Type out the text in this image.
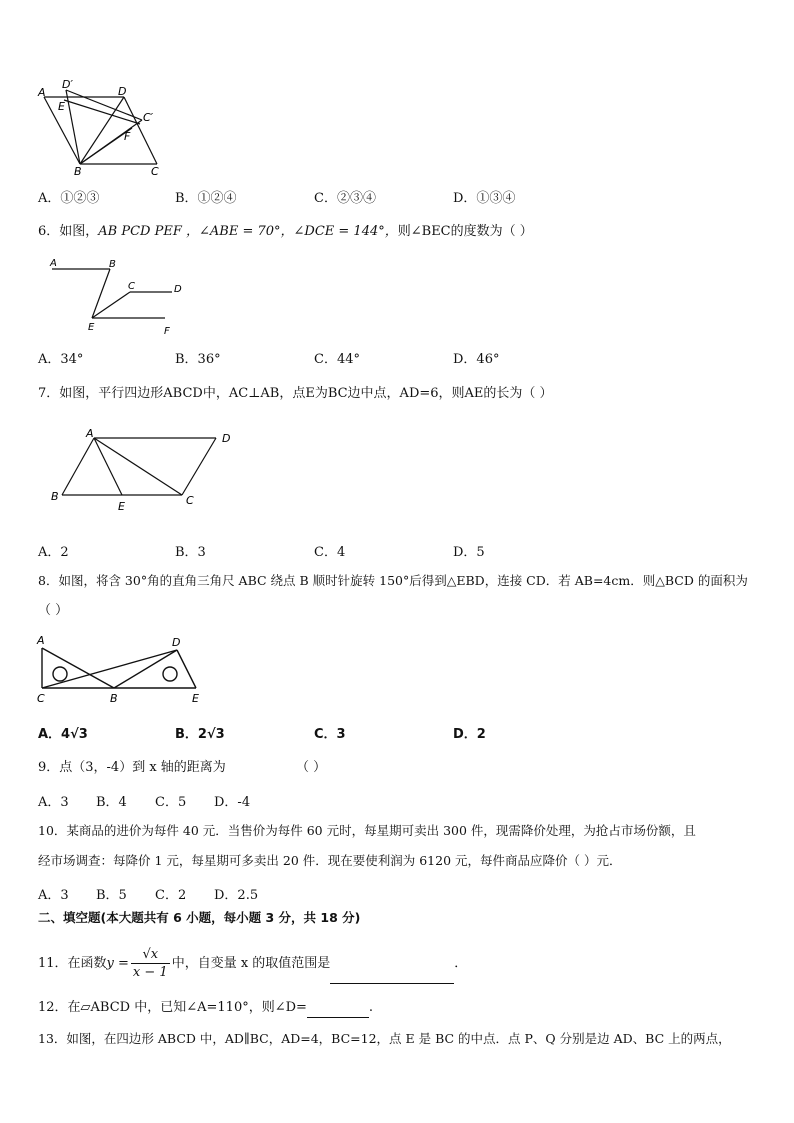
A
D′
D
E
C′
F
B	C
A．①②③	B．①②④	C．②③④	D．①③④
6．如图，AB PCD PEF ，∠ABE = 70°，∠DCE = 144°，则∠BEC的度数为（ ）
A	B
C	D
E	F
A．34°	B．36°	C．44°	D．46°
7．如图，平行四边形ABCD中，AC⊥AB，点E为BC边中点，AD=6，则AE的长为（ ）
A	D
B
E	C
A．2	B．3	C．4	D．5
8．如图，将含 30°角的直角三角尺 ABC 绕点 B 顺时针旋转 150°后得到△EBD，连接 CD．若 AB=4cm．则△BCD 的面积为
（ ）
A
C	B
D
E
A．4√3	B．2√3	C．3	D．2
9．点（3，-4）到 x 轴的距离为	（ ）
A．3 B．4 C．5 D．-4
10．某商品的进价为每件 40 元．当售价为每件 60 元时，每星期可卖出 300 件，现需降价处理，为抢占市场份额，且
经市场调查：每降价 1 元，每星期可多卖出 20 件．现在要使利润为 6120 元，每件商品应降价（ ）元．
A．3 B．5 C．2 D．2.5
二、填空题(本大题共有 6 小题，每小题 3 分，共 18 分)
11．在函数$y = \frac{√x}{x - 1}$ 中，自变量 x 的取值范围是	．
12．在▱ABCD 中，已知∠A=110°，则∠D=	.
13．如图，在四边形 ABCD 中，AD∥BC，AD=4，BC=12，点 E 是 BC 的中点．点 P、Q 分别是边 AD、BC 上的两点，
